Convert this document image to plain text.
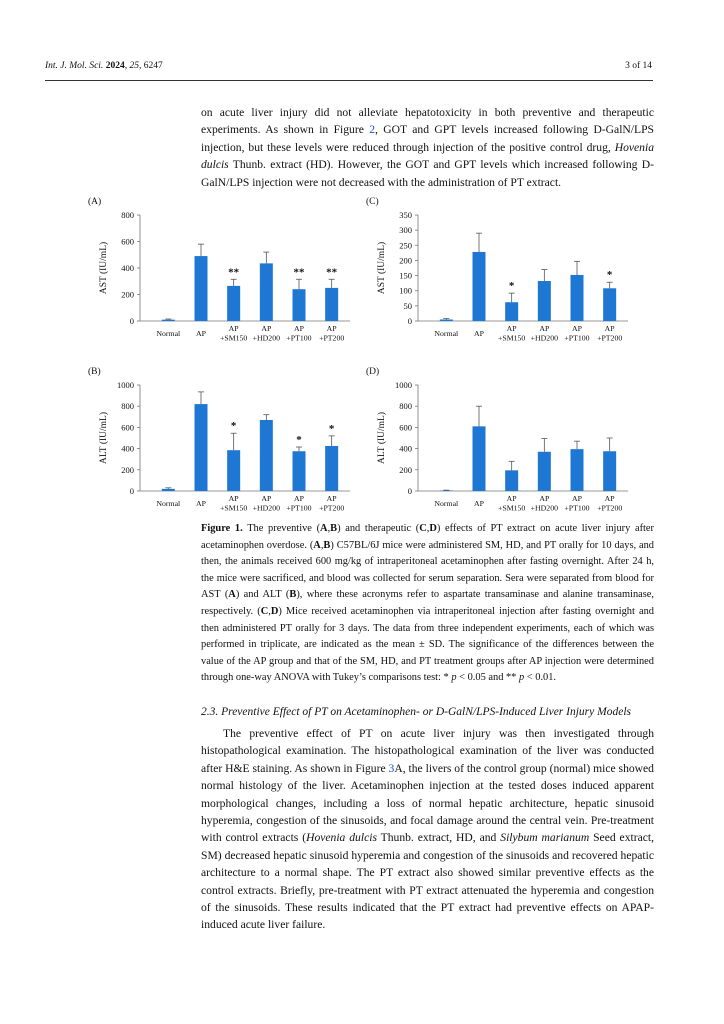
Int. J. Mol. Sci. 2024, 25, 6247	3 of 14

on acute liver injury did not alleviate hepatotoxicity in both preventive and therapeutic experiments. As shown in Figure 2, GOT and GPT levels increased following D-GalN/LPS injection, but these levels were reduced through injection of the positive control drug, Hovenia dulcis Thunb. extract (HD). However, the GOT and GPT levels which increased following D-GalN/LPS injection were not decreased with the administration of PT extract.

(A)
AST (IU/mL)
0
200
400
600
800
Normal AP
**
AP
+SM150
AP
+HD200
**
AP
+PT100
**
AP
+PT200
(C)
AST (IU/mL)
0
50
100
150
200
250
300
350
Normal AP
*
AP
+SM150
AP
+HD200
AP
+PT100
*
AP
+PT200
(B)
ALT (IU/mL)
0
200
400
600
800
1000
Normal AP
*
AP
+SM150
AP
+HD200
*
AP
+PT100
*
AP
+PT200
(D)
ALT (IU/mL)
0
200
400
600
800
1000
Normal AP
AP
+SM150
AP
+HD200
AP
+PT100
AP
+PT200
Figure 1. The preventive (A,B) and therapeutic (C,D) effects of PT extract on acute liver injury after acetaminophen overdose. (A,B) C57BL/6J mice were administered SM, HD, and PT orally for 10 days, and then, the animals received 600 mg/kg of intraperitoneal acetaminophen after fasting overnight. After 24 h, the mice were sacrificed, and blood was collected for serum separation. Sera were separated from blood for AST (A) and ALT (B), where these acronyms refer to aspartate transaminase and alanine transaminase, respectively. (C,D) Mice received acetaminophen via intraperitoneal injection after fasting overnight and then administered PT orally for 3 days. The data from three independent experiments, each of which was performed in triplicate, are indicated as the mean ± SD. The significance of the differences between the value of the AP group and that of the SM, HD, and PT treatment groups after AP injection were determined through one-way ANOVA with Tukey’s comparisons test: * p < 0.05 and ** p < 0.01.
2.3. Preventive Effect of PT on Acetaminophen- or D-GalN/LPS-Induced Liver Injury Models

The preventive effect of PT on acute liver injury was then investigated through histopathological examination. The histopathological examination of the liver was conducted after H&E staining. As shown in Figure 3A, the livers of the control group (normal) mice showed normal histology of the liver. Acetaminophen injection at the tested doses induced apparent morphological changes, including a loss of normal hepatic architecture, hepatic sinusoid hyperemia, congestion of the sinusoids, and focal damage around the central vein. Pre-treatment with control extracts (Hovenia dulcis Thunb. extract, HD, and Silybum marianum Seed extract, SM) decreased hepatic sinusoid hyperemia and congestion of the sinusoids and recovered hepatic architecture to a normal shape. The PT extract also showed similar preventive effects as the control extracts. Briefly, pre-treatment with PT extract attenuated the hyperemia and congestion of the sinusoids. These results indicated that the PT extract had preventive effects on APAP-induced acute liver failure.
